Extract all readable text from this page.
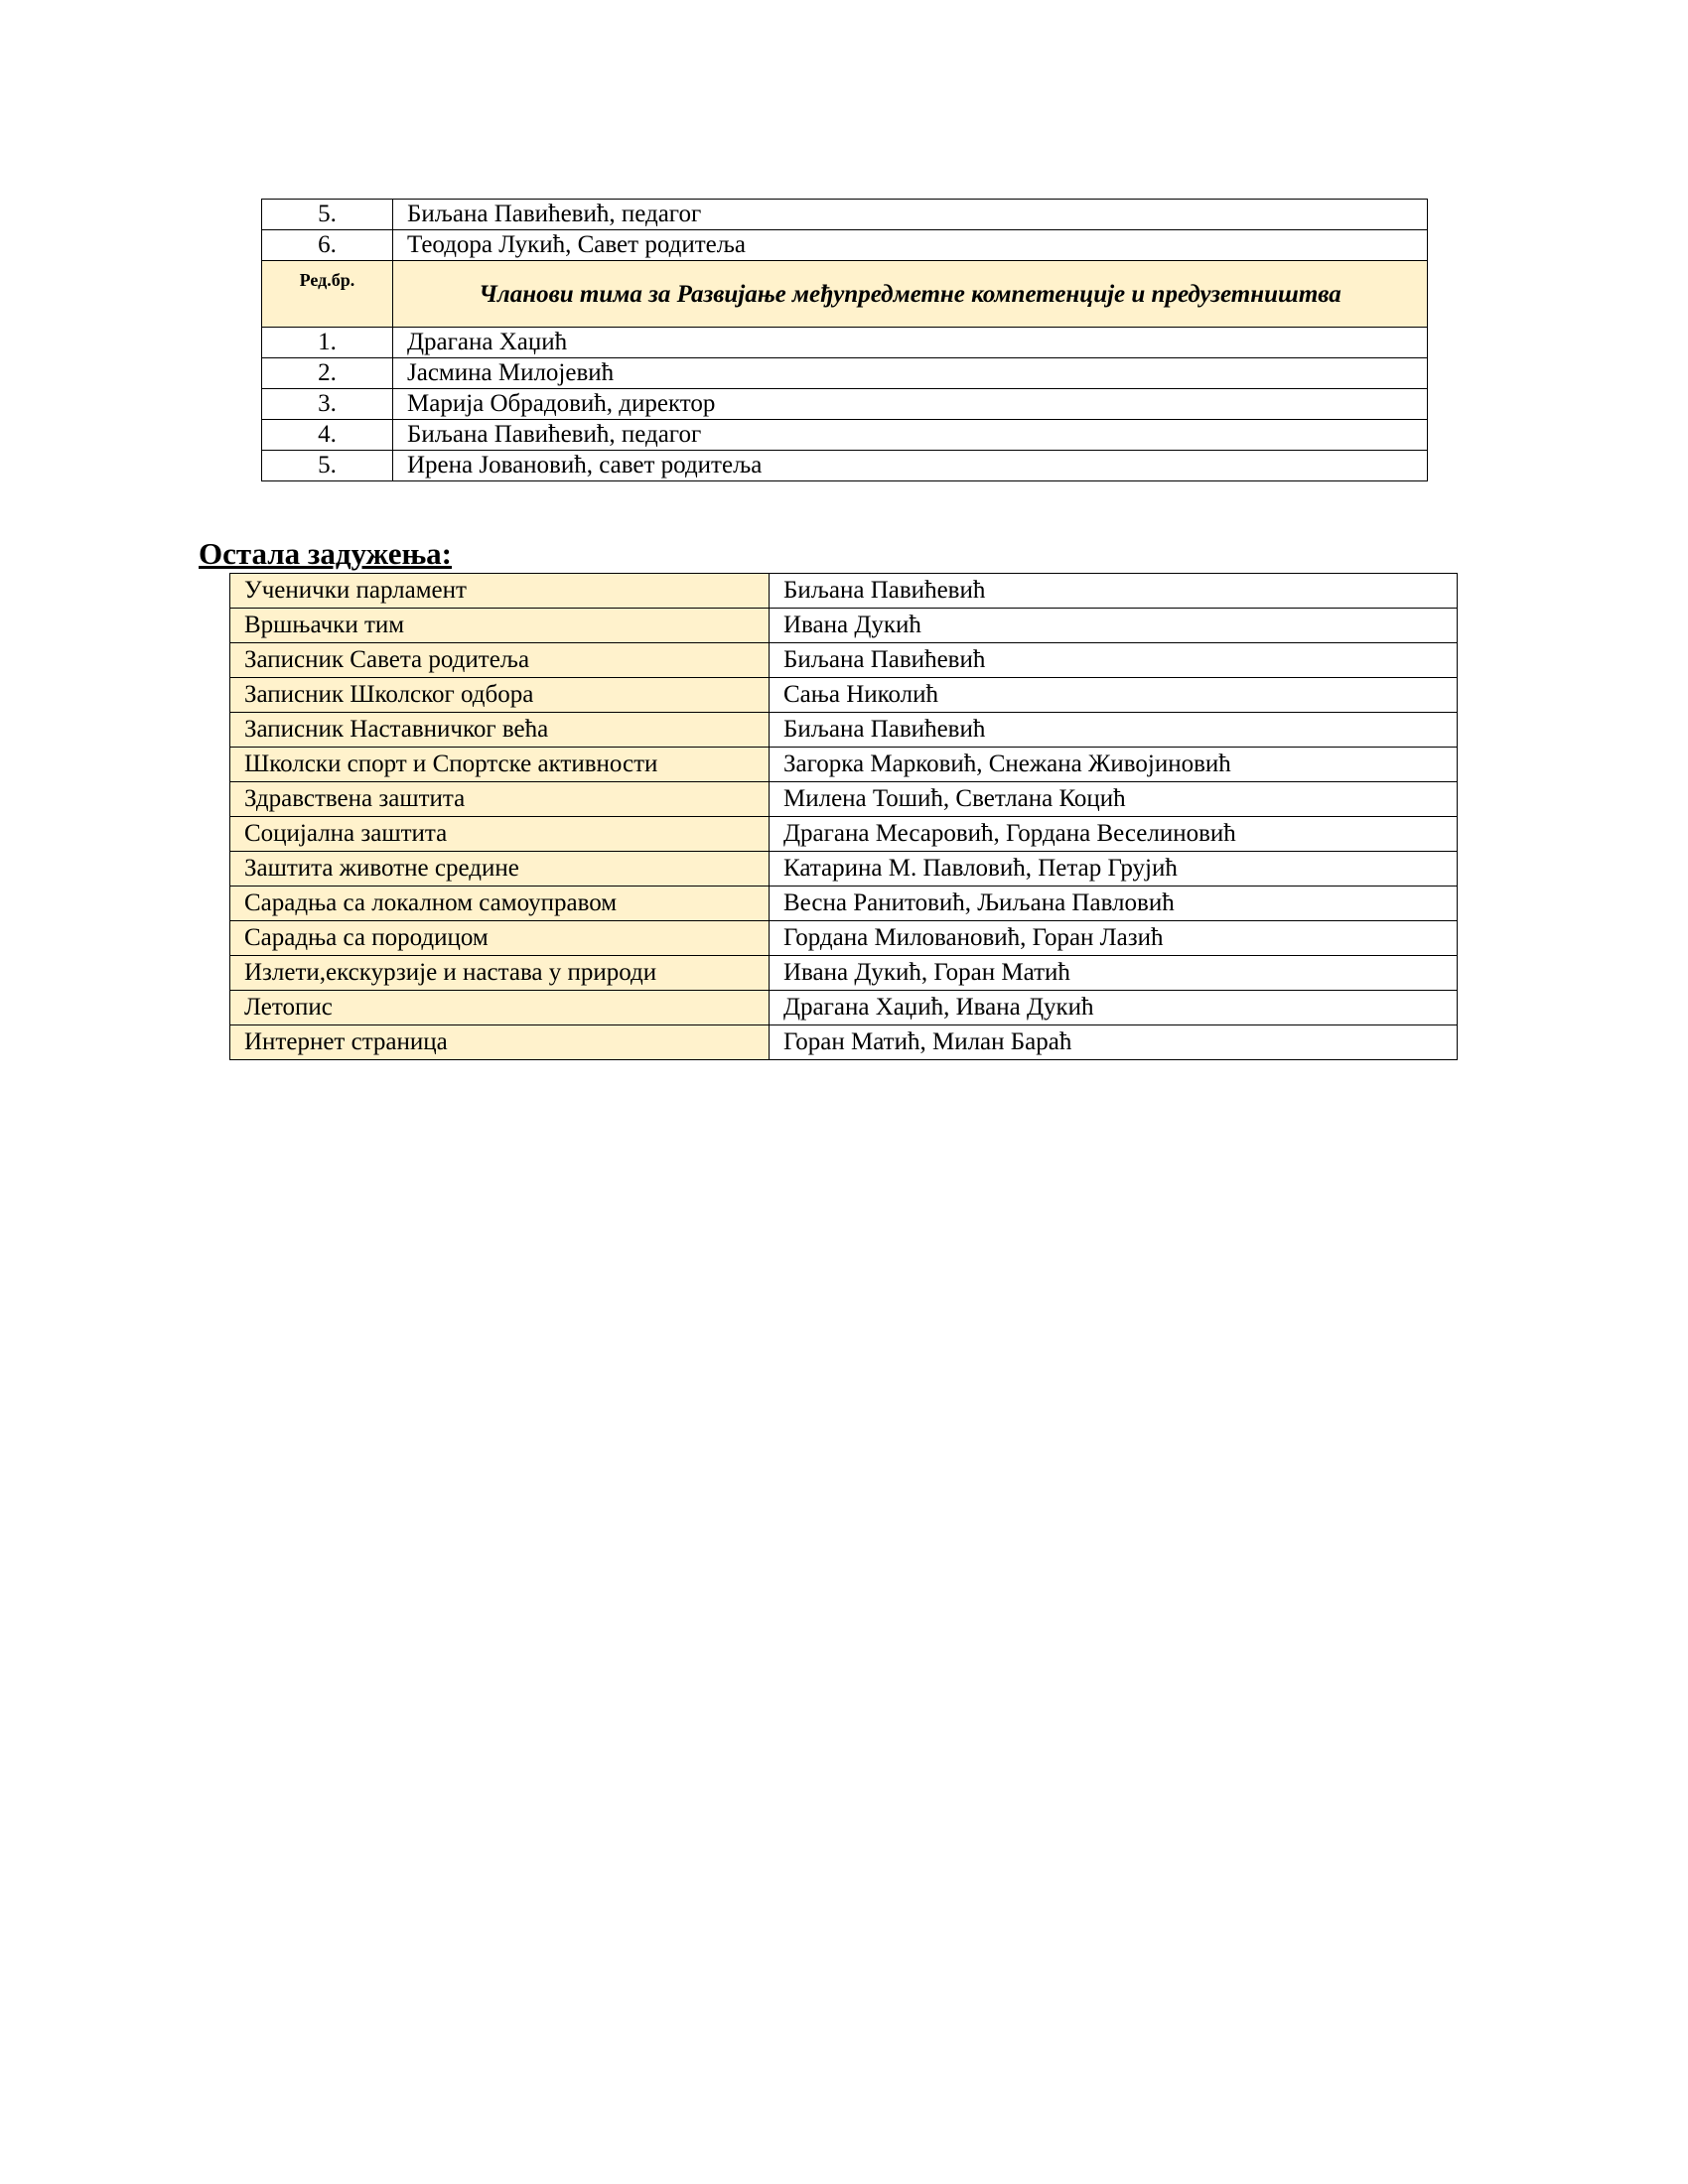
5.	Биљана Павићевић, педагог
6.	Теодора Лукић, Савет родитеља
Ред.бр.	Чланови тима за Развијање међупредметне компетенције и предузетништва
1.	Драгана Хаџић
2.	Јасмина Милојевић
3.	Марија Обрадовић, директор
4.	Биљана Павићевић, педагог
5.	Ирена Јовановић, савет родитеља
Остала задужења:
Ученички парламент	Биљана Павићевић
Вршњачки тим	Ивана Дукић
Записник Савета родитеља	Биљана Павићевић
Записник Школског одбора	Сања Николић
Записник Наставничког већа	Биљана Павићевић
Школски спорт и Спортске активности	Загорка Марковић, Снежана Живојиновић
Здравствена заштита	Милена Тошић, Светлана Коцић
Социјална заштита	Драгана Месаровић, Гордана Веселиновић
Заштита животне средине	Катарина М. Павловић, Петар Грујић
Сарадња са локалном самоуправом	Весна Ранитовић, Љиљана Павловић
Сарадња са породицом	Гордана Миловановић, Горан Лазић
Излети,екскурзије и настава у природи	Ивана Дукић, Горан Матић
Летопис	Драгана Хаџић, Ивана Дукић
Интернет страница	Горан Матић, Милан Бараћ
